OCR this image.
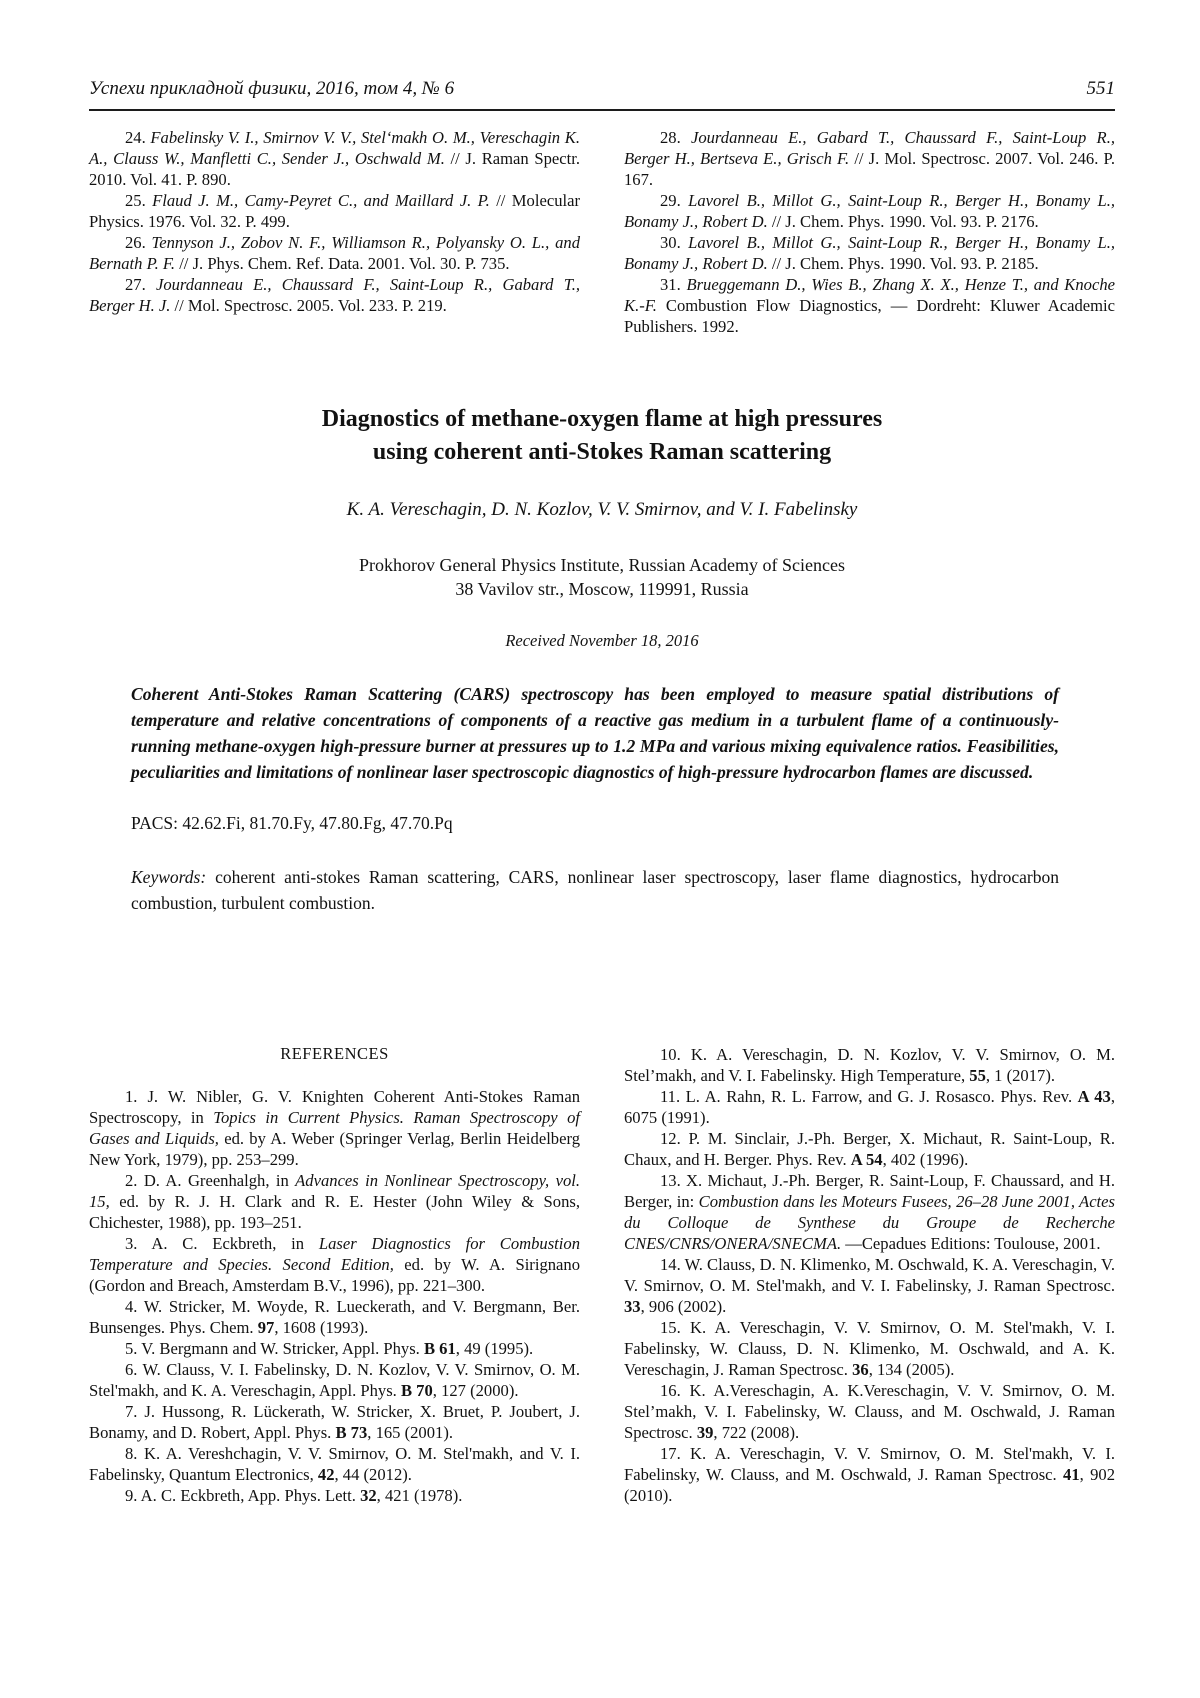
Успехи прикладной физики, 2016, том 4, № 6	551

24. Fabelinsky V. I., Smirnov V. V., Stel‘makh O. M., Vereschagin K. A., Clauss W., Manfletti C., Sender J., Oschwald M. // J. Raman Spectr. 2010. Vol. 41. P. 890.

25. Flaud J. M., Camy-Peyret C., and Maillard J. P. // Molecular Physics. 1976. Vol. 32. P. 499.

26. Tennyson J., Zobov N. F., Williamson R., Polyansky O. L., and Bernath P. F. // J. Phys. Chem. Ref. Data. 2001. Vol. 30. P. 735.

27. Jourdanneau E., Chaussard F., Saint-Loup R., Gabard T., Berger H. J. // Mol. Spectrosc. 2005. Vol. 233. P. 219.

28. Jourdanneau E., Gabard T., Chaussard F., Saint-Loup R., Berger H., Bertseva E., Grisch F. // J. Mol. Spectrosc. 2007. Vol. 246. P. 167.

29. Lavorel B., Millot G., Saint-Loup R., Berger H., Bonamy L., Bonamy J., Robert D. // J. Chem. Phys. 1990. Vol. 93. P. 2176.

30. Lavorel B., Millot G., Saint-Loup R., Berger H., Bonamy L., Bonamy J., Robert D. // J. Chem. Phys. 1990. Vol. 93. P. 2185.

31. Brueggemann D., Wies B., Zhang X. X., Henze T., and Knoche K.-F. Combustion Flow Diagnostics, — Dordreht: Kluwer Academic Publishers. 1992.

Diagnostics of methane-oxygen flame at high pressures
using coherent anti-Stokes Raman scattering
K. A. Vereschagin, D. N. Kozlov, V. V. Smirnov, and V. I. Fabelinsky
Prokhorov General Physics Institute, Russian Academy of Sciences
38 Vavilov str., Moscow, 119991, Russia
Received November 18, 2016
Coherent Anti-Stokes Raman Scattering (CARS) spectroscopy has been employed to measure spatial distributions of temperature and relative concentrations of components of a reactive gas medium in a turbulent flame of a continuously-running methane-oxygen high-pressure burner at pressures up to 1.2 MPa and various mixing equivalence ratios. Feasibilities, peculiarities and limitations of nonlinear laser spectroscopic diagnostics of high-pressure hydrocarbon flames are discussed.
PACS: 42.62.Fi, 81.70.Fy, 47.80.Fg, 47.70.Pq
Keywords: coherent anti-stokes Raman scattering, CARS, nonlinear laser spectroscopy, laser flame diagnostics, hydrocarbon combustion, turbulent combustion.
REFERENCES

1. J. W. Nibler, G. V. Knighten Coherent Anti-Stokes Raman Spectroscopy, in Topics in Current Physics. Raman Spectroscopy of Gases and Liquids, ed. by A. Weber (Springer Verlag, Berlin Heidelberg New York, 1979), pp. 253–299.

2. D. A. Greenhalgh, in Advances in Nonlinear Spectroscopy, vol. 15, ed. by R. J. H. Clark and R. E. Hester (John Wiley & Sons, Chichester, 1988), pp. 193–251.

3. A. C. Eckbreth, in Laser Diagnostics for Combustion Temperature and Species. Second Edition, ed. by W. A. Sirignano (Gordon and Breach, Amsterdam B.V., 1996), pp. 221–300.

4. W. Stricker, M. Woyde, R. Lueckerath, and V. Bergmann, Ber. Bunsenges. Phys. Chem. 97, 1608 (1993).

5. V. Bergmann and W. Stricker, Appl. Phys. B 61, 49 (1995).

6. W. Clauss, V. I. Fabelinsky, D. N. Kozlov, V. V. Smirnov, O. M. Stel'makh, and K. A. Vereschagin, Appl. Phys. B 70, 127 (2000).

7. J. Hussong, R. Lückerath, W. Stricker, X. Bruet, P. Joubert, J. Bonamy, and D. Robert, Appl. Phys. B 73, 165 (2001).

8. K. A. Vereshchagin, V. V. Smirnov, O. M. Stel'makh, and V. I. Fabelinsky, Quantum Electronics, 42, 44 (2012).

9. A. C. Eckbreth, App. Phys. Lett. 32, 421 (1978).

10. K. A. Vereschagin, D. N. Kozlov, V. V. Smirnov, O. M. Stel’makh, and V. I. Fabelinsky. High Temperature, 55, 1 (2017).

11. L. A. Rahn, R. L. Farrow, and G. J. Rosasco. Phys. Rev. A 43, 6075 (1991).

12. P. M. Sinclair, J.-Ph. Berger, X. Michaut, R. Saint-Loup, R. Chaux, and H. Berger. Phys. Rev. A 54, 402 (1996).

13. X. Michaut, J.-Ph. Berger, R. Saint-Loup, F. Chaussard, and H. Berger, in: Combustion dans les Moteurs Fusees, 26–28 June 2001, Actes du Colloque de Synthese du Groupe de Recherche CNES/CNRS/ONERA/SNECMA. —Cepadues Editions: Toulouse, 2001.

14. W. Clauss, D. N. Klimenko, M. Oschwald, K. A. Vereschagin, V. V. Smirnov, O. M. Stel'makh, and V. I. Fabelinsky, J. Raman Spectrosc. 33, 906 (2002).

15. K. A. Vereschagin, V. V. Smirnov, O. M. Stel'makh, V. I. Fabelinsky, W. Clauss, D. N. Klimenko, M. Oschwald, and A. K. Vereschagin, J. Raman Spectrosc. 36, 134 (2005).

16. K. A.Vereschagin, A. K.Vereschagin, V. V. Smirnov, O. M. Stel’makh, V. I. Fabelinsky, W. Clauss, and M. Oschwald, J. Raman Spectrosc. 39, 722 (2008).

17. K. A. Vereschagin, V. V. Smirnov, O. M. Stel'makh, V. I. Fabelinsky, W. Clauss, and M. Oschwald, J. Raman Spectrosc. 41, 902 (2010).
